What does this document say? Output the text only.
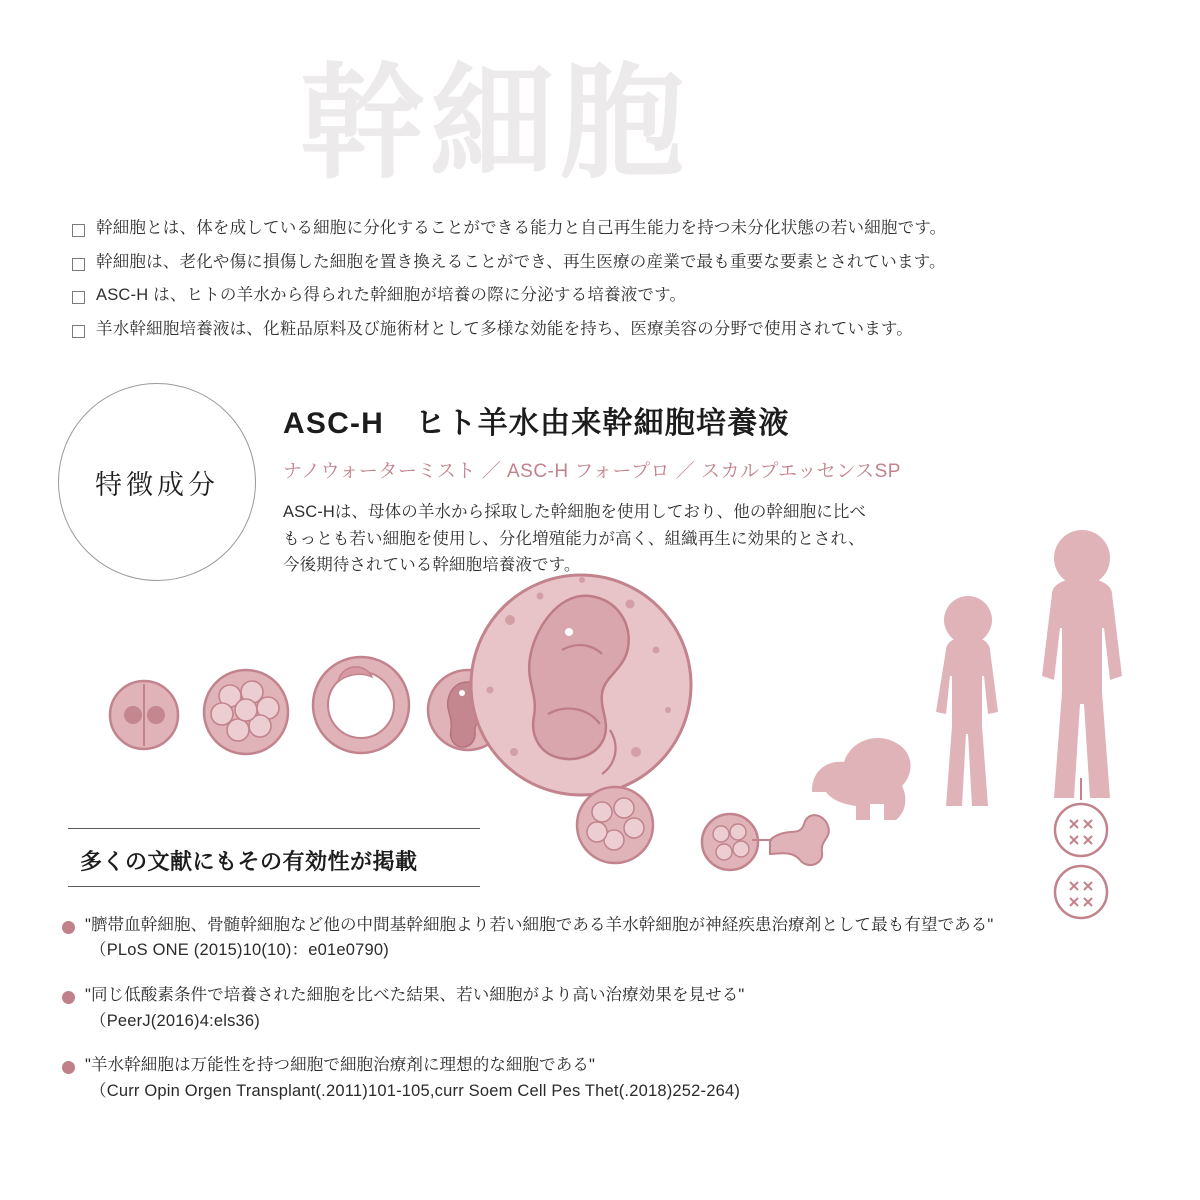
幹細胞
幹細胞とは、体を成している細胞に分化することができる能力と自己再生能力を持つ未分化状態の若い細胞です。
幹細胞は、老化や傷に損傷した細胞を置き換えることができ、再生医療の産業で最も重要な要素とされています。
ASC-H は、ヒトの羊水から得られた幹細胞が培養の際に分泌する培養液です。
羊水幹細胞培養液は、化粧品原料及び施術材として多様な効能を持ち、医療美容の分野で使用されています。
特徴成分
ASC-H　ヒト羊水由来幹細胞培養液
ナノウォーターミスト ／ ASC-H フォープロ ／ スカルプエッセンスSP
ASC-Hは、母体の羊水から採取した幹細胞を使用しており、他の幹細胞に比べ
もっとも若い細胞を使用し、分化増殖能力が高く、組織再生に効果的とされ、
今後期待されている幹細胞培養液です。
多くの文献にもその有効性が掲載
"臍帯血幹細胞、骨髄幹細胞など他の中間基幹細胞より若い細胞である羊水幹細胞が神経疾患治療剤として最も有望である"
（PLoS ONE (2015)10(10)：e01e0790)
"同じ低酸素条件で培養された細胞を比べた結果、若い細胞がより高い治療効果を見せる"
（PeerJ(2016)4:els36)
"羊水幹細胞は万能性を持つ細胞で細胞治療剤に理想的な細胞である"
（Curr Opin Orgen Transplant(.2011)101-105,curr Soem Cell Pes Thet(.2018)252-264)
